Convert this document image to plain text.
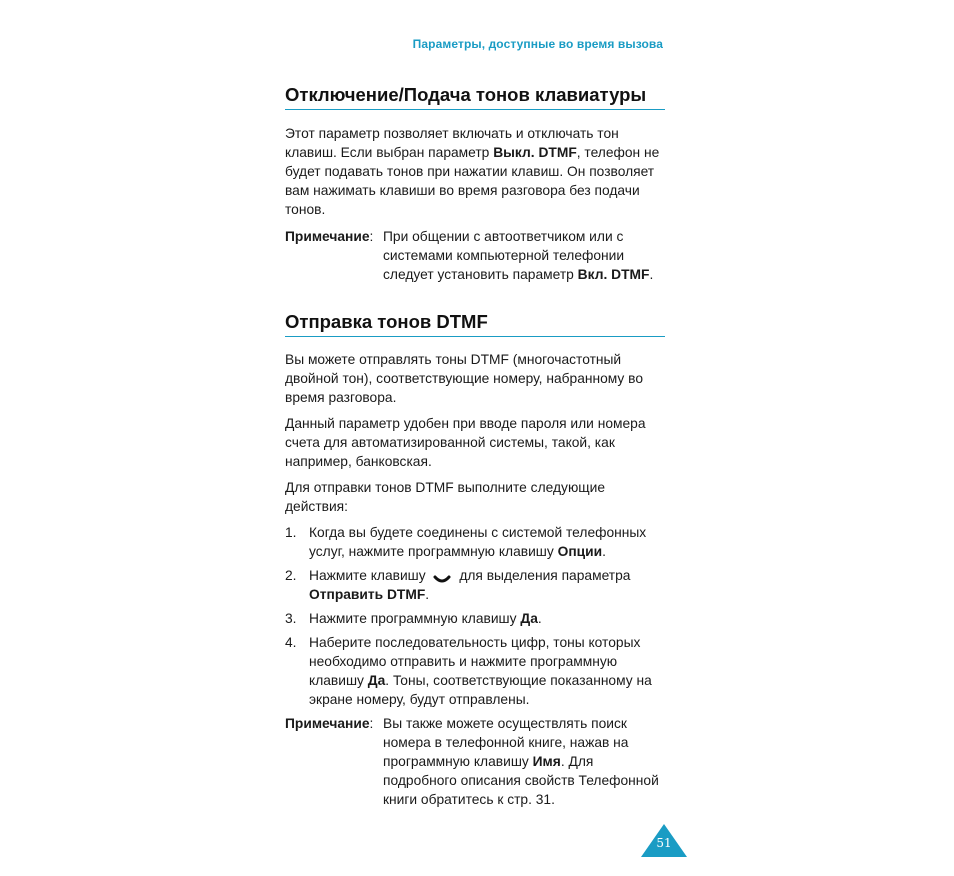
Параметры, доступные во время вызова
Отключение/Подача тонов клавиатуры

Этот параметр позволяет включать и отключать тон клавиш. Если выбран параметр Выкл. DTMF, телефон не будет подавать тонов при нажатии клавиш. Он позволяет вам нажимать клавиши во время разговора без подачи тонов.

Примечание: При общении с автоответчиком или с системами компьютерной телефонии следует установить параметр Вкл. DTMF.
Отправка тонов DTMF

Вы можете отправлять тоны DTMF (многочастотный двойной тон), соответствующие номеру, набранному во время разговора.

Данный параметр удобен при вводе пароля или номера счета для автоматизированной системы, такой, как например, банковская.

Для отправки тонов DTMF выполните следующие действия:

1. Когда вы будете соединены с системой телефонных услуг, нажмите программную клавишу Опции.
2. Нажмите клавишу  для выделения параметра Отправить DTMF.
3. Нажмите программную клавишу Да.
4. Наберите последовательность цифр, тоны которых необходимо отправить и нажмите программную клавишу Да. Тоны, соответствующие показанному на экране номеру, будут отправлены.
Примечание: Вы также можете осуществлять поиск номера в телефонной книге, нажав на программную клавишу Имя. Для подробного описания свойств Телефонной книги обратитесь к стр. 31.
51
